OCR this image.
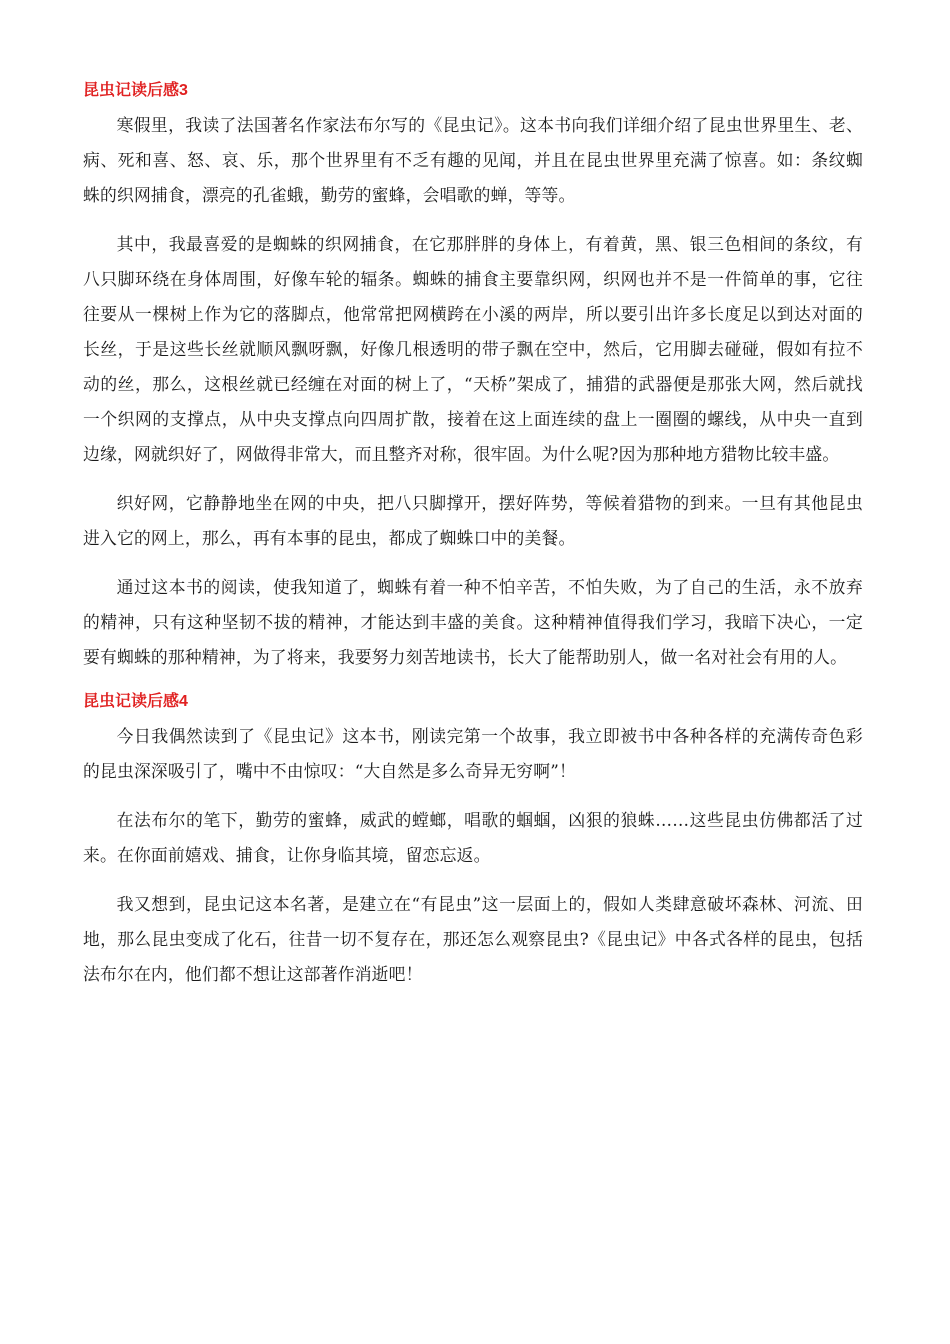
昆虫记读后感3

寒假里，我读了法国著名作家法布尔写的《昆虫记》。这本书向我们详细介绍了昆虫世界里生、老、病、死和喜、怒、哀、乐，那个世界里有不乏有趣的见闻，并且在昆虫世界里充满了惊喜。如：条纹蜘蛛的织网捕食，漂亮的孔雀蛾，勤劳的蜜蜂，会唱歌的蝉，等等。

其中，我最喜爱的是蜘蛛的织网捕食，在它那胖胖的身体上，有着黄，黑、银三色相间的条纹，有八只脚环绕在身体周围，好像车轮的辐条。蜘蛛的捕食主要靠织网，织网也并不是一件简单的事，它往往要从一棵树上作为它的落脚点，他常常把网横跨在小溪的两岸，所以要引出许多长度足以到达对面的长丝，于是这些长丝就顺风飘呀飘，好像几根透明的带子飘在空中，然后，它用脚去碰碰，假如有拉不动的丝，那么，这根丝就已经缠在对面的树上了，“天桥”架成了，捕猎的武器便是那张大网，然后就找一个织网的支撑点，从中央支撑点向四周扩散，接着在这上面连续的盘上一圈圈的螺线，从中央一直到边缘，网就织好了，网做得非常大，而且整齐对称，很牢固。为什么呢?因为那种地方猎物比较丰盛。

织好网，它静静地坐在网的中央，把八只脚撑开，摆好阵势，等候着猎物的到来。一旦有其他昆虫进入它的网上，那么，再有本事的昆虫，都成了蜘蛛口中的美餐。

通过这本书的阅读，使我知道了，蜘蛛有着一种不怕辛苦，不怕失败，为了自己的生活，永不放弃的精神，只有这种坚韧不拔的精神，才能达到丰盛的美食。这种精神值得我们学习，我暗下决心，一定要有蜘蛛的那种精神，为了将来，我要努力刻苦地读书，长大了能帮助别人，做一名对社会有用的人。

昆虫记读后感4

今日我偶然读到了《昆虫记》这本书，刚读完第一个故事，我立即被书中各种各样的充满传奇色彩的昆虫深深吸引了，嘴中不由惊叹：“大自然是多么奇异无穷啊”！

在法布尔的笔下，勤劳的蜜蜂，威武的螳螂，唱歌的蝈蝈，凶狠的狼蛛……这些昆虫仿佛都活了过来。在你面前嬉戏、捕食，让你身临其境，留恋忘返。

我又想到，昆虫记这本名著，是建立在“有昆虫”这一层面上的，假如人类肆意破坏森林、河流、田地，那么昆虫变成了化石，往昔一切不复存在，那还怎么观察昆虫?《昆虫记》中各式各样的昆虫，包括法布尔在内，他们都不想让这部著作消逝吧！
